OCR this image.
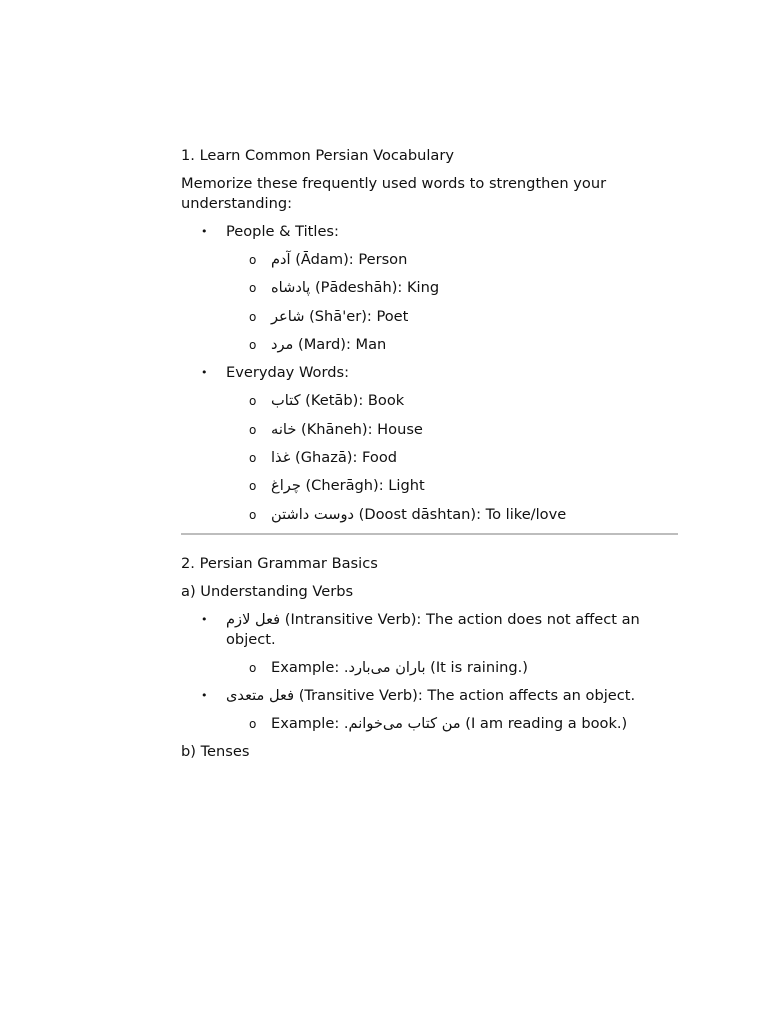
1. Learn Common Persian Vocabulary

Memorize these frequently used words to strengthen your understanding:

• People & Titles:
o آدم (Ādam): Person
o پادشاه (Pādeshāh): King
o شاعر (Shā'er): Poet
o مرد (Mard): Man
• Everyday Words:
o کتاب (Ketāb): Book
o خانه (Khāneh): House
o غذا (Ghazā): Food
o چراغ (Cherāgh): Light
o دوست داشتن (Doost dāshtan): To like/love

2. Persian Grammar Basics

a) Understanding Verbs

• فعل لازم (Intransitive Verb): The action does not affect an object.
o Example: باران می‌بارد. (It is raining.)
• فعل متعدی (Transitive Verb): The action affects an object.
o Example: من کتاب می‌خوانم. (I am reading a book.)

b) Tenses
